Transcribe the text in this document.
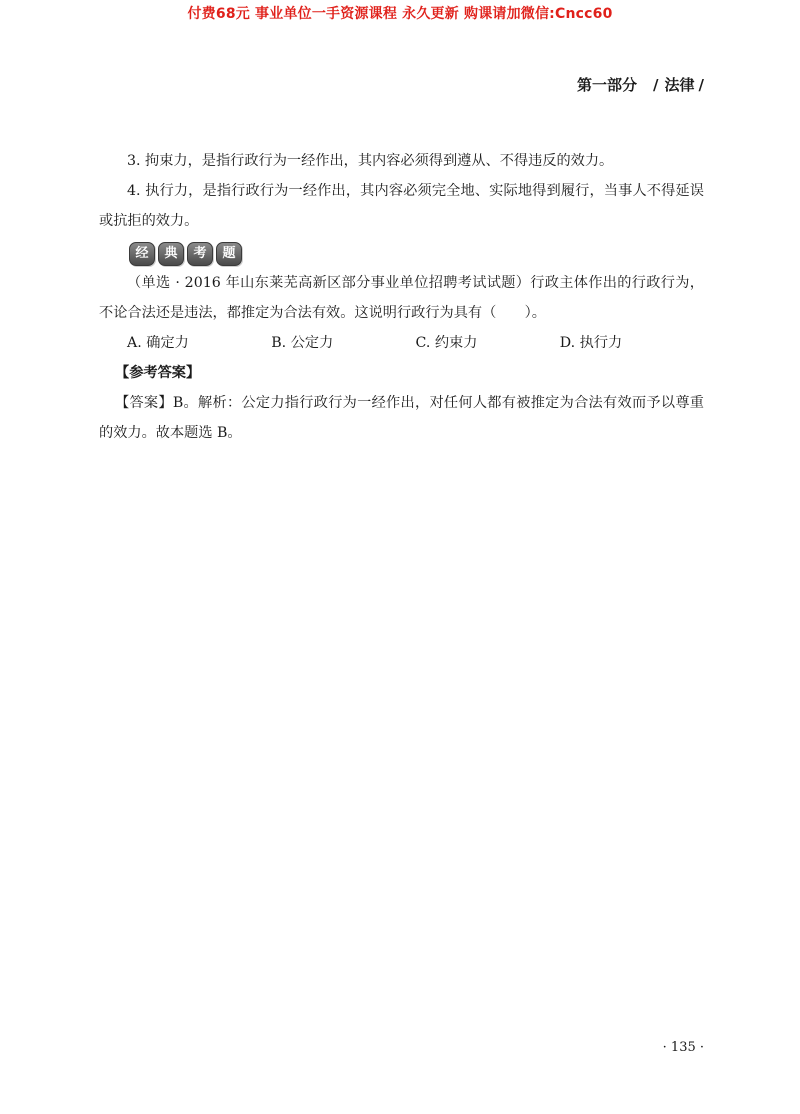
付费68元 事业单位一手资源课程 永久更新 购课请加微信:Cncc60
第一部分 / 法律 /

3. 拘束力，是指行政行为一经作出，其内容必须得到遵从、不得违反的效力。

4. 执行力，是指行政行为一经作出，其内容必须完全地、实际地得到履行，当事人不得延误或抗拒的效力。

经	典	考	题

（单选 · 2016 年山东莱芜高新区部分事业单位招聘考试试题）行政主体作出的行政行为，不论合法还是违法，都推定为合法有效。这说明行政行为具有（　　）。

A. 确定力	B. 公定力	C. 约束力	D. 执行力
【参考答案】

【答案】B。解析：公定力指行政行为一经作出，对任何人都有被推定为合法有效而予以尊重的效力。故本题选 B。

· 135 ·
